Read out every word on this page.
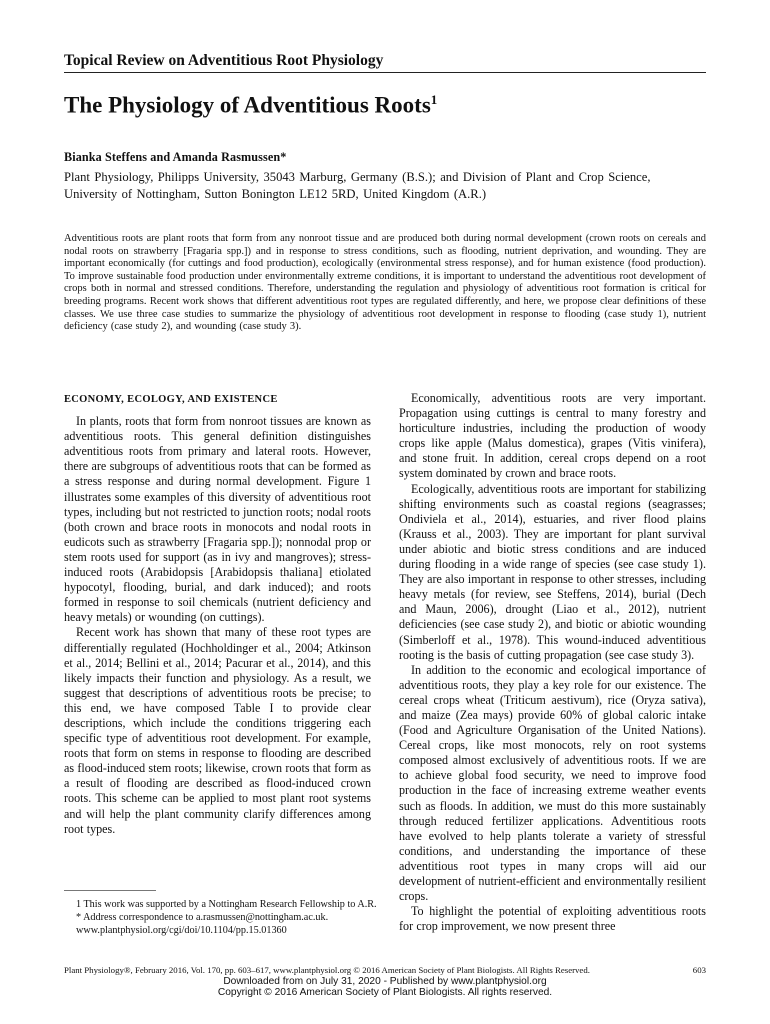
Topical Review on Adventitious Root Physiology
The Physiology of Adventitious Roots$^1$
Bianka Steffens and Amanda Rasmussen*
Plant Physiology, Philipps University, 35043 Marburg, Germany (B.S.); and Division of Plant and Crop Science, University of Nottingham, Sutton Bonington LE12 5RD, United Kingdom (A.R.)
Adventitious roots are plant roots that form from any nonroot tissue and are produced both during normal development (crown roots on cereals and nodal roots on strawberry [Fragaria spp.]) and in response to stress conditions, such as flooding, nutrient deprivation, and wounding. They are important economically (for cuttings and food production), ecologically (environmental stress response), and for human existence (food production). To improve sustainable food production under environmentally extreme conditions, it is important to understand the adventitious root development of crops both in normal and stressed conditions. Therefore, understanding the regulation and physiology of adventitious root formation is critical for breeding programs. Recent work shows that different adventitious root types are regulated differently, and here, we propose clear definitions of these classes. We use three case studies to summarize the physiology of adventitious root development in response to flooding (case study 1), nutrient deficiency (case study 2), and wounding (case study 3).
ECONOMY, ECOLOGY, AND EXISTENCE

In plants, roots that form from nonroot tissues are known as adventitious roots. This general definition distinguishes adventitious roots from primary and lateral roots. However, there are subgroups of adventitious roots that can be formed as a stress response and during normal development. Figure 1 illustrates some examples of this diversity of adventitious root types, including but not restricted to junction roots; nodal roots (both crown and brace roots in monocots and nodal roots in eudicots such as strawberry [Fragaria spp.]); nonnodal prop or stem roots used for support (as in ivy and mangroves); stress-induced roots (Arabidopsis [Arabidopsis thaliana] etiolated hypocotyl, flooding, burial, and dark induced); and roots formed in response to soil chemicals (nutrient deficiency and heavy metals) or wounding (on cuttings).

Recent work has shown that many of these root types are differentially regulated (Hochholdinger et al., 2004; Atkinson et al., 2014; Bellini et al., 2014; Pacurar et al., 2014), and this likely impacts their function and physiology. As a result, we suggest that descriptions of adventitious roots be precise; to this end, we have composed Table I to provide clear descriptions, which include the conditions triggering each specific type of adventitious root development. For example, roots that form on stems in response to flooding are described as flood-induced stem roots; likewise, crown roots that form as a result of flooding are described as flood-induced crown roots. This scheme can be applied to most plant root systems and will help the plant community clarify differences among root types.

Economically, adventitious roots are very important. Propagation using cuttings is central to many forestry and horticulture industries, including the production of woody crops like apple (Malus domestica), grapes (Vitis vinifera), and stone fruit. In addition, cereal crops depend on a root system dominated by crown and brace roots.

Ecologically, adventitious roots are important for stabilizing shifting environments such as coastal regions (seagrasses; Ondiviela et al., 2014), estuaries, and river flood plains (Krauss et al., 2003). They are important for plant survival under abiotic and biotic stress conditions and are induced during flooding in a wide range of species (see case study 1). They are also important in response to other stresses, including heavy metals (for review, see Steffens, 2014), burial (Dech and Maun, 2006), drought (Liao et al., 2012), nutrient deficiencies (see case study 2), and biotic or abiotic wounding (Simberloff et al., 1978). This wound-induced adventitious rooting is the basis of cutting propagation (see case study 3).

In addition to the economic and ecological importance of adventitious roots, they play a key role for our existence. The cereal crops wheat (Triticum aestivum), rice (Oryza sativa), and maize (Zea mays) provide 60% of global caloric intake (Food and Agriculture Organisation of the United Nations). Cereal crops, like most monocots, rely on root systems composed almost exclusively of adventitious roots. If we are to achieve global food security, we need to improve food production in the face of increasing extreme weather events such as floods. In addition, we must do this more sustainably through reduced fertilizer applications. Adventitious roots have evolved to help plants tolerate a variety of stressful conditions, and understanding the importance of these adventitious root types in many crops will aid our development of nutrient-efficient and environmentally resilient crops.

To highlight the potential of exploiting adventitious roots for crop improvement, we now present three

1 This work was supported by a Nottingham Research Fellowship to A.R.
* Address correspondence to a.rasmussen@nottingham.ac.uk.
www.plantphysiol.org/cgi/doi/10.1104/pp.15.01360
Plant Physiology®, February 2016, Vol. 170, pp. 603–617, www.plantphysiol.org © 2016 American Society of Plant Biologists. All Rights Reserved.	603
Downloaded from on July 31, 2020 - Published by www.plantphysiol.org
Copyright © 2016 American Society of Plant Biologists. All rights reserved.
